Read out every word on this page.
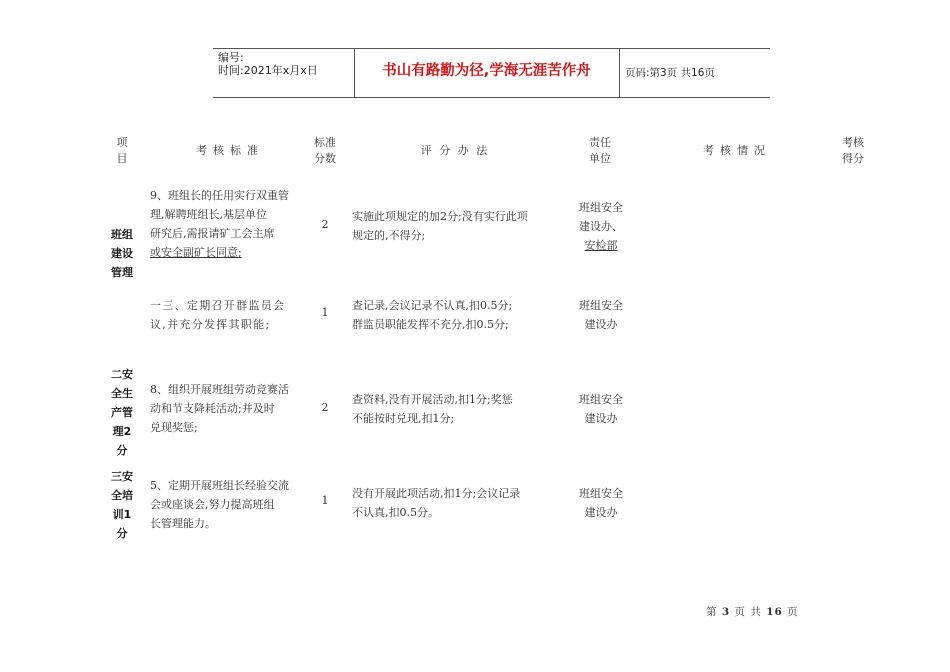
编号:
时间:2021年x月x日	书山有路勤为径,学海无涯苦作舟	页码:第3页 共16页
项
目
考核标准
标准
分数
评 分 办 法
责任
单位
考核情况
考核
得分
班组
建设
管理
二安
全生
产管
理2
分
三安
全培
训1
分
9、班组长的任用实行双重管
理,解聘班组长,基层单位
研究后,需报请矿工会主席
或安全副矿长同意;
2
实施此项规定的加2分;没有实行此项
规定的,不得分;
班组安全
建设办、
安检部
一三、定期召开群监员会
议,并充分发挥其职能;
1
查记录,会议记录不认真,扣0.5分;
群监员职能发挥不充分,扣0.5分;
班组安全
建设办
8、组织开展班组劳动竞赛活
动和节支降耗活动;并及时
兑现奖惩;
2
查资料,没有开展活动,扣1分;奖惩
不能按时兑现,扣1分;
班组安全
建设办
5、定期开展班组长经验交流
会或座谈会,努力提高班组
长管理能力。
1
没有开展此项活动,扣1分;会议记录
不认真,扣0.5分。
班组安全
建设办
第 3 页 共 16 页
